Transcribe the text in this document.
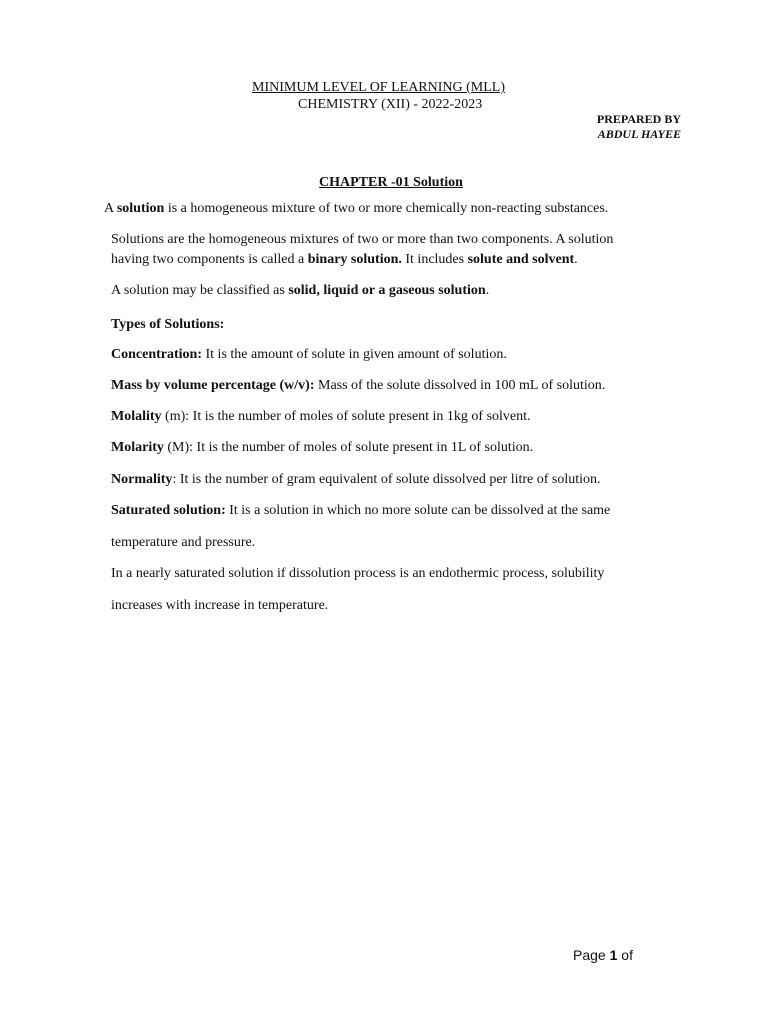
MINIMUM LEVEL OF LEARNING (MLL)
CHEMISTRY (XII) - 2022-2023
PREPARED BY
ABDUL HAYEE
CHAPTER -01 Solution
A solution is a homogeneous mixture of two or more chemically non-reacting substances.
Solutions are the homogeneous mixtures of two or more than two components. A solution
having two components is called a binary solution. It includes solute and solvent.
A solution may be classified as solid, liquid or a gaseous solution.
Types of Solutions:
Concentration: It is the amount of solute in given amount of solution.
Mass by volume percentage (w/v): Mass of the solute dissolved in 100 mL of solution.
Molality (m): It is the number of moles of solute present in 1kg of solvent.
Molarity (M): It is the number of moles of solute present in 1L of solution.
Normality: It is the number of gram equivalent of solute dissolved per litre of solution.
Saturated solution: It is a solution in which no more solute can be dissolved at the same
temperature and pressure.
In a nearly saturated solution if dissolution process is an endothermic process, solubility
increases with increase in temperature.
Page 1 of
